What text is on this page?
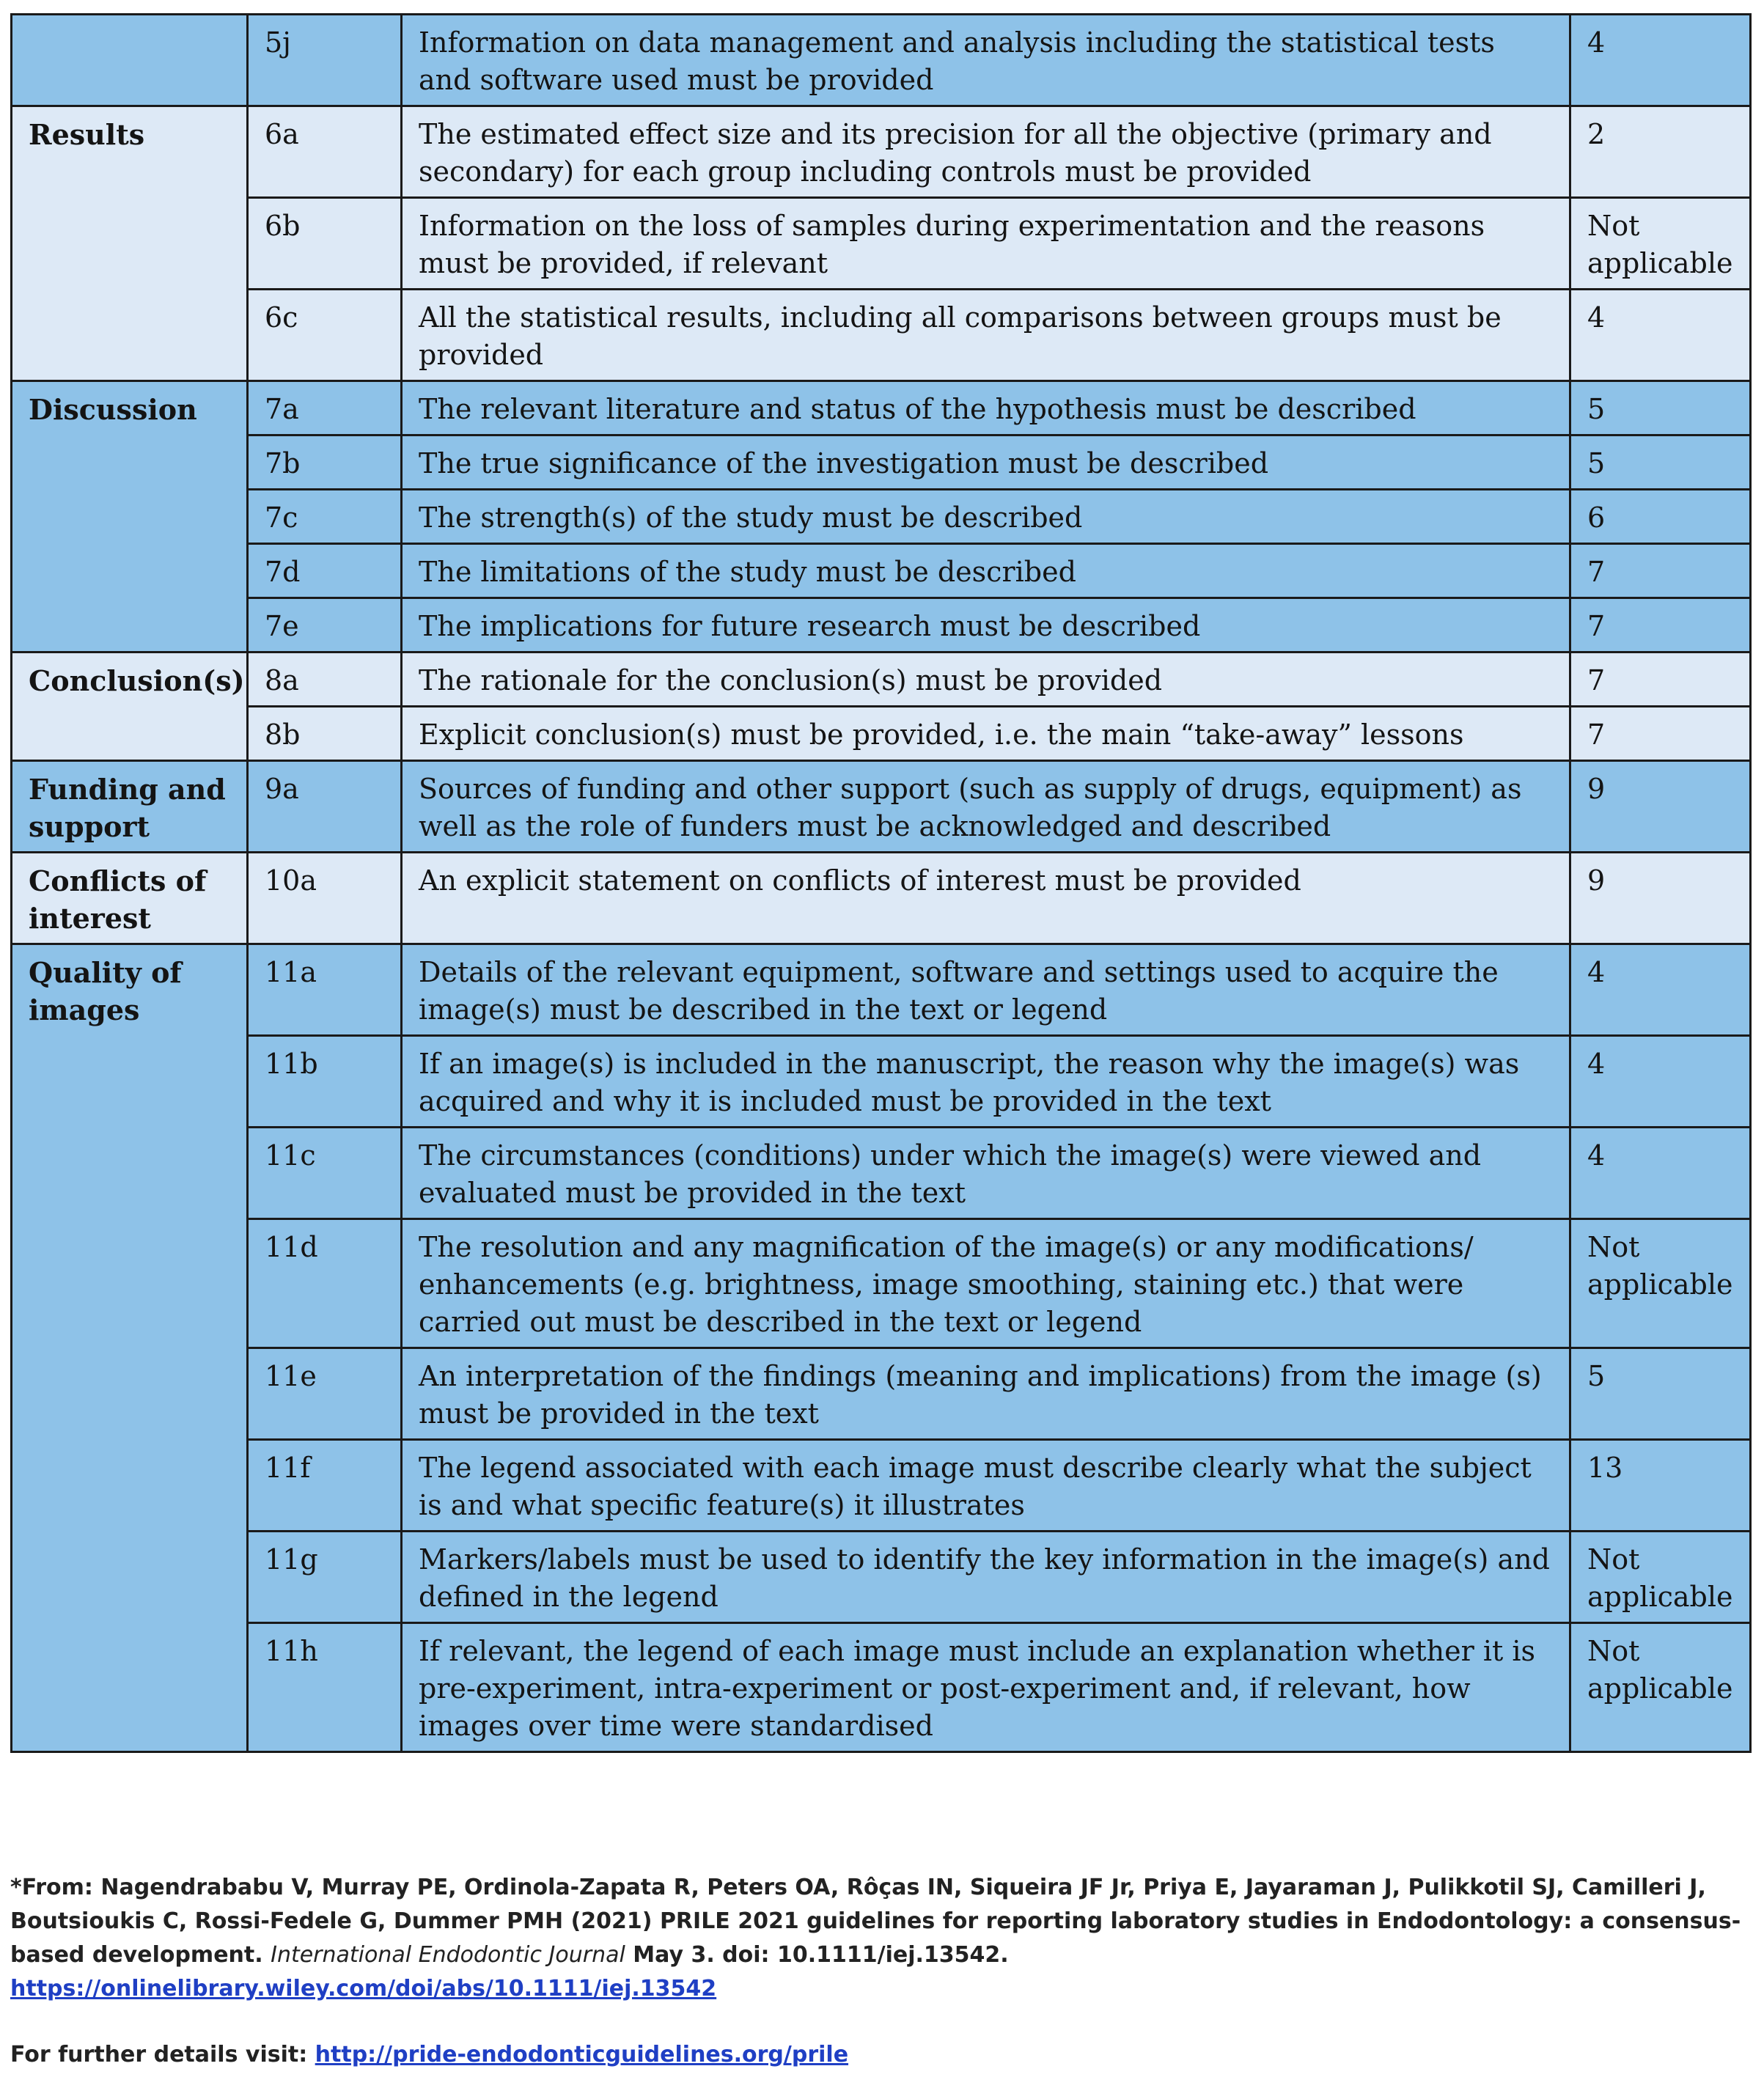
	5j	Information on data management and analysis including the statistical tests and software used must be provided	4
Results	6a	The estimated effect size and its precision for all the objective (primary and secondary) for each group including controls must be provided	2
	6b	Information on the loss of samples during experimentation and the reasons must be provided, if relevant	Not applicable
	6c	All the statistical results, including all comparisons between groups must be provided	4
Discussion	7a	The relevant literature and status of the hypothesis must be described	5
	7b	The true significance of the investigation must be described	5
	7c	The strength(s) of the study must be described	6
	7d	The limitations of the study must be described	7
	7e	The implications for future research must be described	7
Conclusion(s)	8a	The rationale for the conclusion(s) must be provided	7
	8b	Explicit conclusion(s) must be provided, i.e. the main “take-away” lessons	7
Funding and support	9a	Sources of funding and other support (such as supply of drugs, equipment) as well as the role of funders must be acknowledged and described	9
Conflicts of interest	10a	An explicit statement on conflicts of interest must be provided	9
Quality of images	11a	Details of the relevant equipment, software and settings used to acquire the image(s) must be described in the text or legend	4
	11b	If an image(s) is included in the manuscript, the reason why the image(s) was acquired and why it is included must be provided in the text	4
	11c	The circumstances (conditions) under which the image(s) were viewed and evaluated must be provided in the text	4
	11d	The resolution and any magnification of the image(s) or any modifications/ enhancements (e.g. brightness, image smoothing, staining etc.) that were carried out must be described in the text or legend	Not applicable
	11e	An interpretation of the findings (meaning and implications) from the image (s) must be provided in the text	5
	11f	The legend associated with each image must describe clearly what the subject is and what specific feature(s) it illustrates	13
	11g	Markers/labels must be used to identify the key information in the image(s) and defined in the legend	Not applicable
	11h	If relevant, the legend of each image must include an explanation whether it is pre-experiment, intra-experiment or post-experiment and, if relevant, how images over time were standardised	Not applicable
*From: Nagendrababu V, Murray PE, Ordinola-Zapata R, Peters OA, Rôças IN, Siqueira JF Jr, Priya E, Jayaraman J, Pulikkotil SJ, Camilleri J, Boutsioukis C, Rossi-Fedele G, Dummer PMH (2021) PRILE 2021 guidelines for reporting laboratory studies in Endodontology: a consensus-based development. International Endodontic Journal May 3. doi: 10.1111/iej.13542.
https://onlinelibrary.wiley.com/doi/abs/10.1111/iej.13542
For further details visit: http://pride-endodonticguidelines.org/prile
